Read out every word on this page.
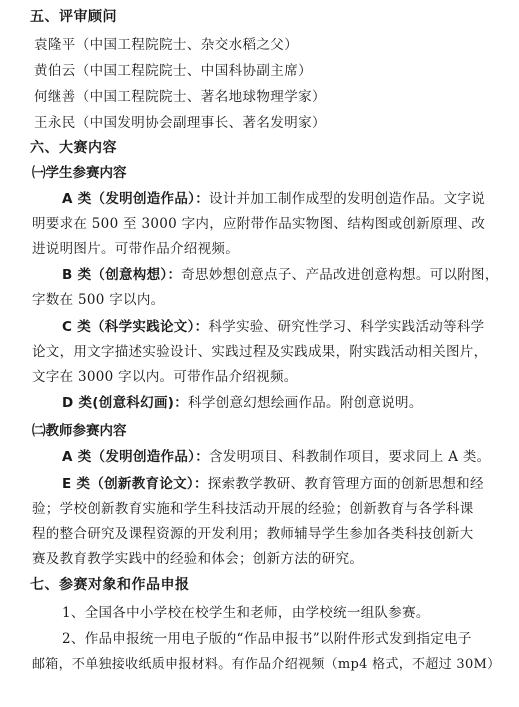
五、评审顾问
袁隆平（中国工程院院士、杂交水稻之父）
黄伯云（中国工程院院士、中国科协副主席）
何继善（中国工程院院士、著名地球物理学家）
王永民（中国发明协会副理事长、著名发明家）
六、大赛内容
㈠学生参赛内容
A 类（发明创造作品）：设计并加工制作成型的发明创造作品。文字说
明要求在 500 至 3000 字内，应附带作品实物图、结构图或创新原理、改
进说明图片。可带作品介绍视频。
B 类（创意构想）：奇思妙想创意点子、产品改进创意构想。可以附图，
字数在 500 字以内。
C 类（科学实践论文）：科学实验、研究性学习、科学实践活动等科学
论文，用文字描述实验设计、实践过程及实践成果，附实践活动相关图片，
文字在 3000 字以内。可带作品介绍视频。
D 类(创意科幻画)：科学创意幻想绘画作品。附创意说明。
㈡教师参赛内容
A 类（发明创造作品）：含发明项目、科教制作项目，要求同上 A 类。
E 类（创新教育论文）：探索教学教研、教育管理方面的创新思想和经
验；学校创新教育实施和学生科技活动开展的经验；创新教育与各学科课
程的整合研究及课程资源的开发利用；教师辅导学生参加各类科技创新大
赛及教育教学实践中的经验和体会；创新方法的研究。
七、参赛对象和作品申报
1、全国各中小学校在校学生和老师，由学校统一组队参赛。
2、作品申报统一用电子版的“作品申报书”以附件形式发到指定电子
邮箱，不单独接收纸质申报材料。有作品介绍视频（mp4 格式，不超过 30M）
